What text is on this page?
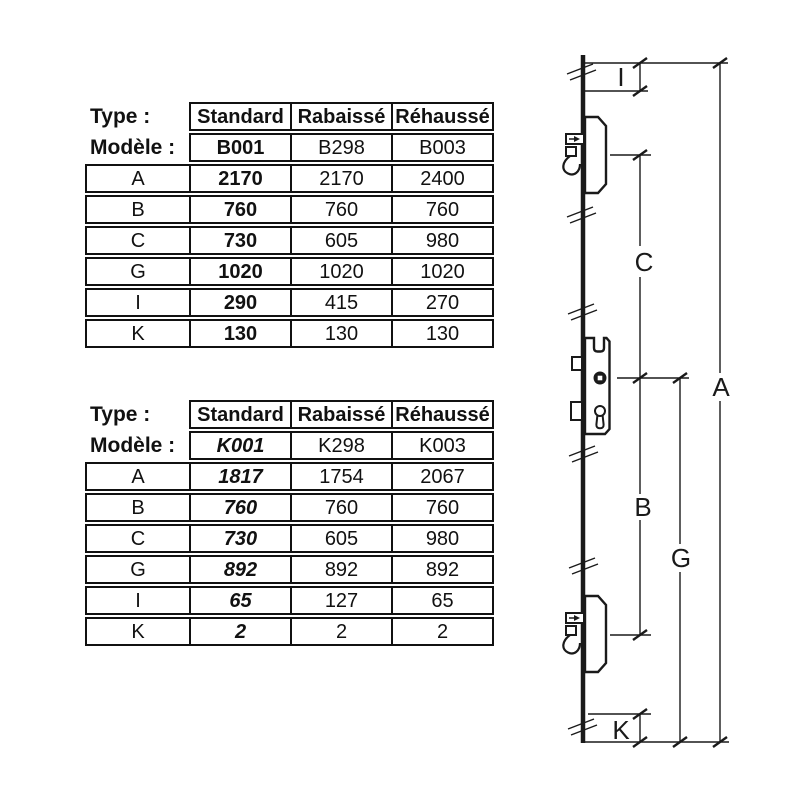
Type :	Standard Rabaissé Réhaussé
Modèle :	B001	B298	B003
A	2170	2170	2400
B	760	760	760
C	730	605	980
G	1020	1020	1020
I	290	415	270
K	130	130	130
Type :	Standard Rabaissé Réhaussé
Modèle :	K001	K298	K003
A	1817	1754	2067
B	760	760	760
C	730	605	980
G	892	892	892
I	65	127	65
K	2	2	2
I
C
B
A
G
K
